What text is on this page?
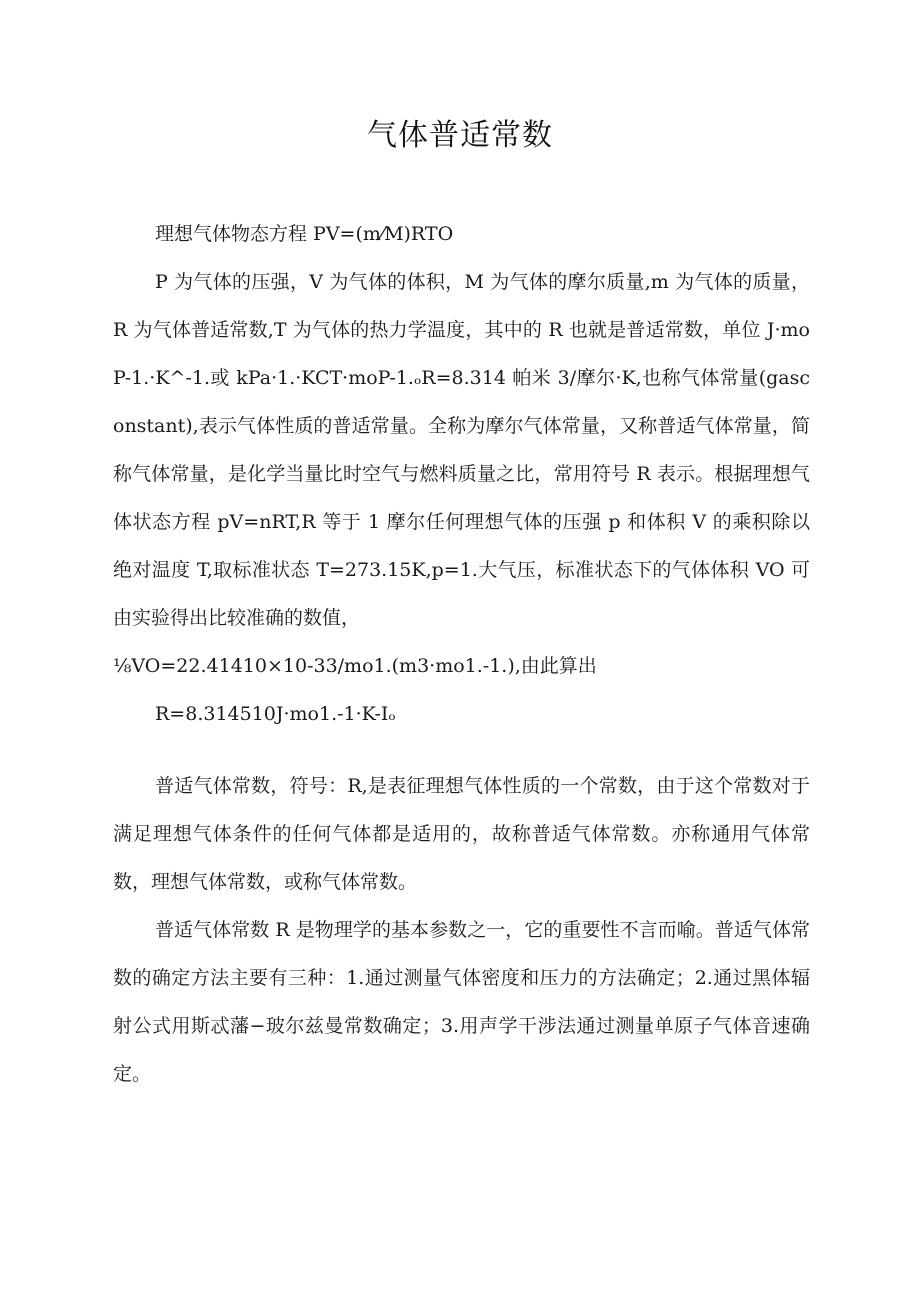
气体普适常数

理想气体物态方程 PV=(m⁄M)RTO

P 为气体的压强，V 为气体的体积，M 为气体的摩尔质量,m 为气体的质量，R 为气体普适常数,T 为气体的热力学温度，其中的 R 也就是普适常数，单位 J·moP-1.·K^-1.或 kPa·1.·KCT·moP-1.ₒR=8.314 帕米 3/摩尔·K,也称气体常量(gasconstant),表示气体性质的普适常量。全称为摩尔气体常量，又称普适气体常量，简称气体常量，是化学当量比时空气与燃料质量之比，常用符号 R 表示。根据理想气体状态方程 pV=nRT,R 等于 1 摩尔任何理想气体的压强 p 和体积 V 的乘积除以绝对温度 T,取标准状态 T=273.15K,p=1.大气压，标准状态下的气体体积 VO 可由实验得出比较准确的数值，

⅛VO=22.41410×10-33/mo1.(m3·mo1.-1.),由此算出

R=8.314510J·mo1.-1·K-Iₒ

普适气体常数，符号：R,是表征理想气体性质的一个常数，由于这个常数对于满足理想气体条件的任何气体都是适用的，故称普适气体常数。亦称通用气体常数，理想气体常数，或称气体常数。

普适气体常数 R 是物理学的基本参数之一，它的重要性不言而喻。普适气体常数的确定方法主要有三种：1.通过测量气体密度和压力的方法确定；2.通过黑体辐射公式用斯忒藩−玻尔兹曼常数确定；3.用声学干涉法通过测量单原子气体音速确定。
